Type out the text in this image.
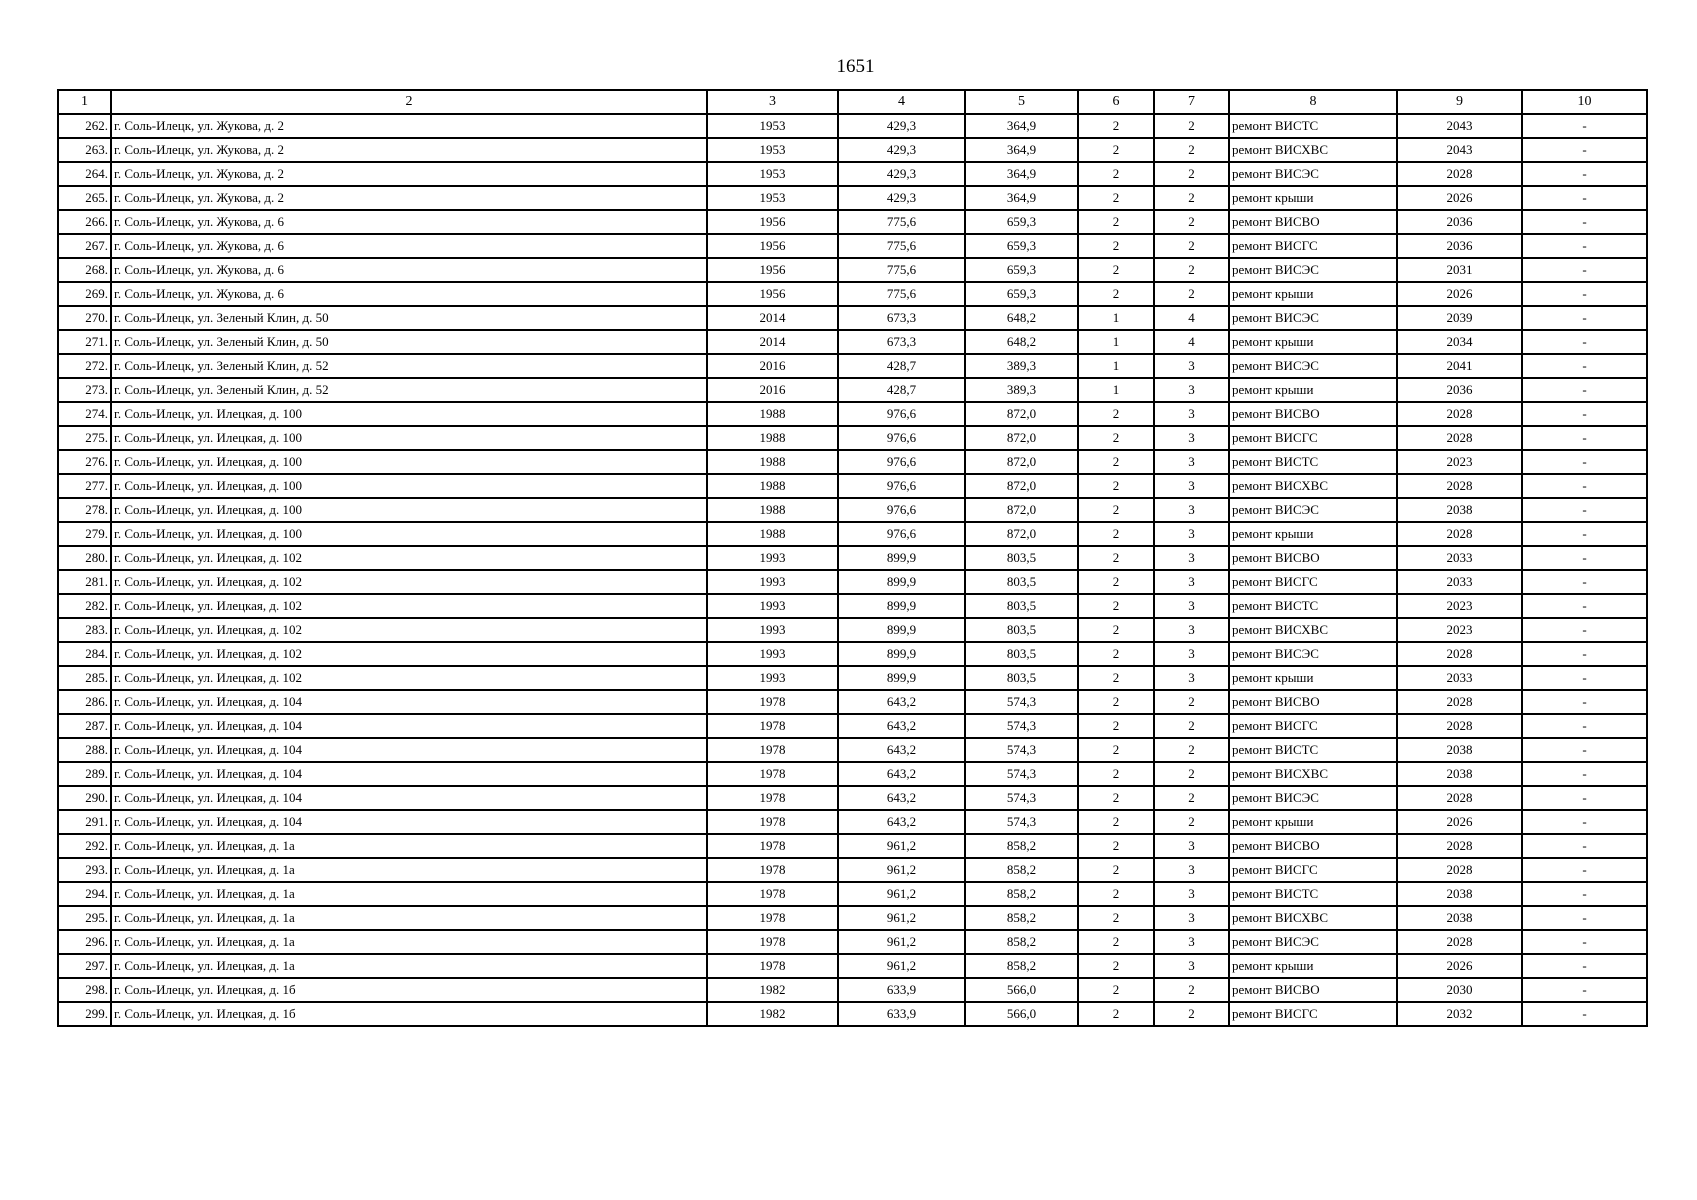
1651
1	2	3	4	5	6	7	8	9	10
262.	г. Соль-Илецк, ул. Жукова, д. 2	1953	429,3	364,9	2	2	ремонт ВИСТС	2043	-
263.	г. Соль-Илецк, ул. Жукова, д. 2	1953	429,3	364,9	2	2	ремонт ВИСХВС	2043	-
264.	г. Соль-Илецк, ул. Жукова, д. 2	1953	429,3	364,9	2	2	ремонт ВИСЭС	2028	-
265.	г. Соль-Илецк, ул. Жукова, д. 2	1953	429,3	364,9	2	2	ремонт крыши	2026	-
266.	г. Соль-Илецк, ул. Жукова, д. 6	1956	775,6	659,3	2	2	ремонт ВИСВО	2036	-
267.	г. Соль-Илецк, ул. Жукова, д. 6	1956	775,6	659,3	2	2	ремонт ВИСГС	2036	-
268.	г. Соль-Илецк, ул. Жукова, д. 6	1956	775,6	659,3	2	2	ремонт ВИСЭС	2031	-
269.	г. Соль-Илецк, ул. Жукова, д. 6	1956	775,6	659,3	2	2	ремонт крыши	2026	-
270.	г. Соль-Илецк, ул. Зеленый Клин, д. 50	2014	673,3	648,2	1	4	ремонт ВИСЭС	2039	-
271.	г. Соль-Илецк, ул. Зеленый Клин, д. 50	2014	673,3	648,2	1	4	ремонт крыши	2034	-
272.	г. Соль-Илецк, ул. Зеленый Клин, д. 52	2016	428,7	389,3	1	3	ремонт ВИСЭС	2041	-
273.	г. Соль-Илецк, ул. Зеленый Клин, д. 52	2016	428,7	389,3	1	3	ремонт крыши	2036	-
274.	г. Соль-Илецк, ул. Илецкая, д. 100	1988	976,6	872,0	2	3	ремонт ВИСВО	2028	-
275.	г. Соль-Илецк, ул. Илецкая, д. 100	1988	976,6	872,0	2	3	ремонт ВИСГС	2028	-
276.	г. Соль-Илецк, ул. Илецкая, д. 100	1988	976,6	872,0	2	3	ремонт ВИСТС	2023	-
277.	г. Соль-Илецк, ул. Илецкая, д. 100	1988	976,6	872,0	2	3	ремонт ВИСХВС	2028	-
278.	г. Соль-Илецк, ул. Илецкая, д. 100	1988	976,6	872,0	2	3	ремонт ВИСЭС	2038	-
279.	г. Соль-Илецк, ул. Илецкая, д. 100	1988	976,6	872,0	2	3	ремонт крыши	2028	-
280.	г. Соль-Илецк, ул. Илецкая, д. 102	1993	899,9	803,5	2	3	ремонт ВИСВО	2033	-
281.	г. Соль-Илецк, ул. Илецкая, д. 102	1993	899,9	803,5	2	3	ремонт ВИСГС	2033	-
282.	г. Соль-Илецк, ул. Илецкая, д. 102	1993	899,9	803,5	2	3	ремонт ВИСТС	2023	-
283.	г. Соль-Илецк, ул. Илецкая, д. 102	1993	899,9	803,5	2	3	ремонт ВИСХВС	2023	-
284.	г. Соль-Илецк, ул. Илецкая, д. 102	1993	899,9	803,5	2	3	ремонт ВИСЭС	2028	-
285.	г. Соль-Илецк, ул. Илецкая, д. 102	1993	899,9	803,5	2	3	ремонт крыши	2033	-
286.	г. Соль-Илецк, ул. Илецкая, д. 104	1978	643,2	574,3	2	2	ремонт ВИСВО	2028	-
287.	г. Соль-Илецк, ул. Илецкая, д. 104	1978	643,2	574,3	2	2	ремонт ВИСГС	2028	-
288.	г. Соль-Илецк, ул. Илецкая, д. 104	1978	643,2	574,3	2	2	ремонт ВИСТС	2038	-
289.	г. Соль-Илецк, ул. Илецкая, д. 104	1978	643,2	574,3	2	2	ремонт ВИСХВС	2038	-
290.	г. Соль-Илецк, ул. Илецкая, д. 104	1978	643,2	574,3	2	2	ремонт ВИСЭС	2028	-
291.	г. Соль-Илецк, ул. Илецкая, д. 104	1978	643,2	574,3	2	2	ремонт крыши	2026	-
292.	г. Соль-Илецк, ул. Илецкая, д. 1а	1978	961,2	858,2	2	3	ремонт ВИСВО	2028	-
293.	г. Соль-Илецк, ул. Илецкая, д. 1а	1978	961,2	858,2	2	3	ремонт ВИСГС	2028	-
294.	г. Соль-Илецк, ул. Илецкая, д. 1а	1978	961,2	858,2	2	3	ремонт ВИСТС	2038	-
295.	г. Соль-Илецк, ул. Илецкая, д. 1а	1978	961,2	858,2	2	3	ремонт ВИСХВС	2038	-
296.	г. Соль-Илецк, ул. Илецкая, д. 1а	1978	961,2	858,2	2	3	ремонт ВИСЭС	2028	-
297.	г. Соль-Илецк, ул. Илецкая, д. 1а	1978	961,2	858,2	2	3	ремонт крыши	2026	-
298.	г. Соль-Илецк, ул. Илецкая, д. 1б	1982	633,9	566,0	2	2	ремонт ВИСВО	2030	-
299.	г. Соль-Илецк, ул. Илецкая, д. 1б	1982	633,9	566,0	2	2	ремонт ВИСГС	2032	-
